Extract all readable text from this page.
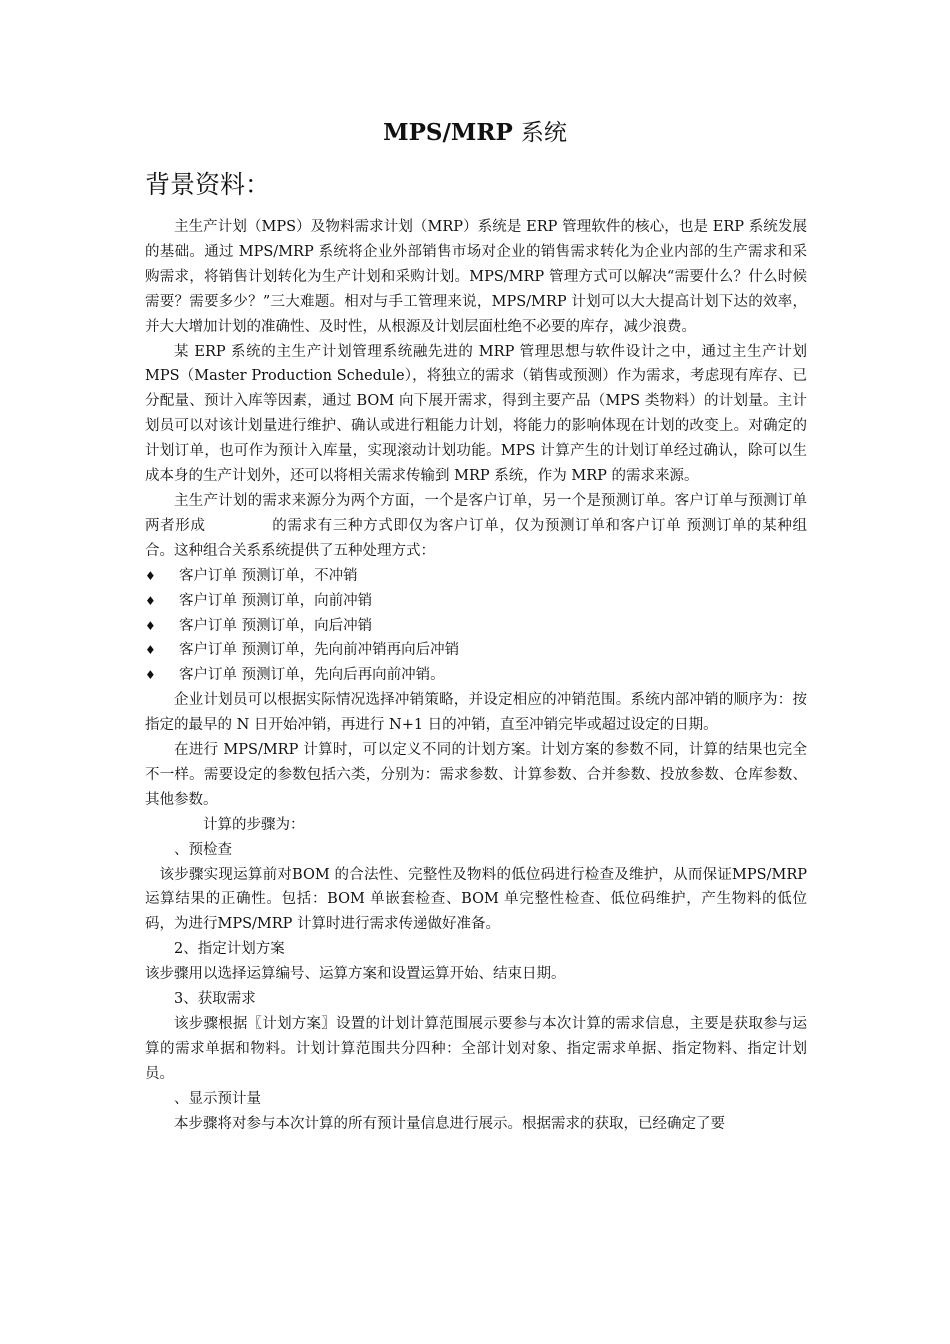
MPS/MRP 系统
背景资料：

主生产计划（MPS）及物料需求计划（MRP）系统是 ERP 管理软件的核心，也是 ERP 系统发展的基础。通过 MPS/MRP 系统将企业外部销售市场对企业的销售需求转化为企业内部的生产需求和采购需求，将销售计划转化为生产计划和采购计划。MPS/MRP 管理方式可以解决“需要什么？什么时候需要？需要多少？”三大难题。相对与手工管理来说，MPS/MRP 计划可以大大提高计划下达的效率，并大大增加计划的准确性、及时性，从根源及计划层面杜绝不必要的库存，减少浪费。

某 ERP 系统的主生产计划管理系统融先进的 MRP 管理思想与软件设计之中，通过主生产计划 MPS（Master Production Schedule），将独立的需求（销售或预测）作为需求，考虑现有库存、已分配量、预计入库等因素，通过 BOM 向下展开需求，得到主要产品（MPS 类物料）的计划量。主计划员可以对该计划量进行维护、确认或进行粗能力计划，将能力的影响体现在计划的改变上。对确定的计划订单，也可作为预计入库量，实现滚动计划功能。MPS 计算产生的计划订单经过确认，除可以生成本身的生产计划外，还可以将相关需求传输到 MRP 系统，作为 MRP 的需求来源。

主生产计划的需求来源分为两个方面，一个是客户订单，另一个是预测订单。客户订单与预测订单两者形成	的需求有三种方式即仅为客户订单，仅为预测订单和客户订单 预测订单的某种组合。这种组合关系系统提供了五种处理方式：

♦ 客户订单 预测订单，不冲销
♦ 客户订单 预测订单，向前冲销
♦ 客户订单 预测订单，向后冲销
♦ 客户订单 预测订单，先向前冲销再向后冲销
♦ 客户订单 预测订单，先向后再向前冲销。

企业计划员可以根据实际情况选择冲销策略，并设定相应的冲销范围。系统内部冲销的顺序为：按指定的最早的 N 日开始冲销，再进行 N+1 日的冲销，直至冲销完毕或超过设定的日期。

在进行 MPS/MRP 计算时，可以定义不同的计划方案。计划方案的参数不同，计算的结果也完全不一样。需要设定的参数包括六类，分别为：需求参数、计算参数、合并参数、投放参数、仓库参数、其他参数。

计算的步骤为：

、预检查

该步骤实现运算前对BOM 的合法性、完整性及物料的低位码进行检查及维护，从而保证MPS/MRP 运算结果的正确性。包括：BOM 单嵌套检查、BOM 单完整性检查、低位码维护，产生物料的低位码，为进行MPS/MRP 计算时进行需求传递做好准备。

2、指定计划方案

该步骤用以选择运算编号、运算方案和设置运算开始、结束日期。

3、获取需求

该步骤根据〖计划方案〗设置的计划计算范围展示要参与本次计算的需求信息，主要是获取参与运算的需求单据和物料。计划计算范围共分四种：全部计划对象、指定需求单据、指定物料、指定计划员。

、显示预计量

本步骤将对参与本次计算的所有预计量信息进行展示。根据需求的获取，已经确定了要
